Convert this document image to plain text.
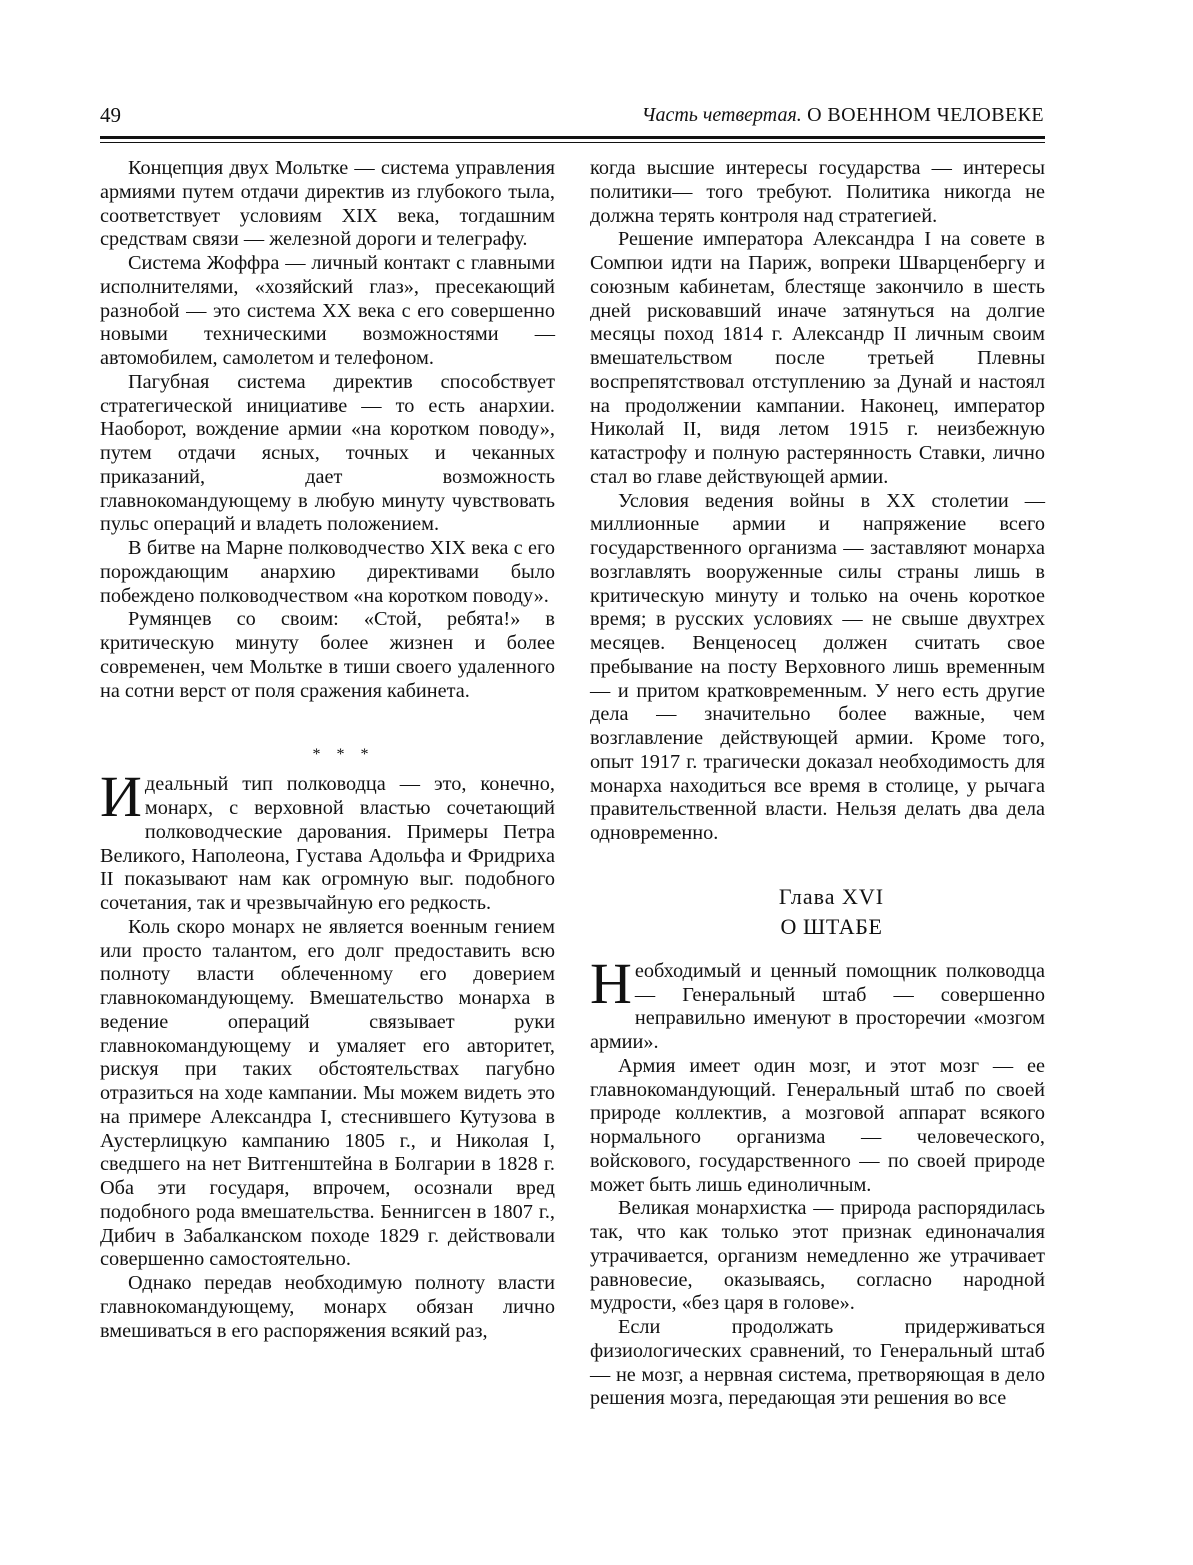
49	Часть четвертая. О ВОЕННОМ ЧЕЛОВЕКЕ

Концепция двух Мольтке — система управления армиями путем отдачи директив из глубокого тыла, соответствует условиям XIX века, тогдашним средствам связи — железной дороги и телеграфу.

Система Жоффра — личный контакт с главными исполнителями, «хозяйский глаз», пресекающий разнобой — это система XX века с его совершенно новыми техническими возможностями — автомобилем, самолетом и телефоном.

Пагубная система директив способствует стратегической инициативе — то есть анархии. Наоборот, вождение армии «на коротком поводу», путем отдачи ясных, точных и чеканных приказаний, дает возможность главнокомандующему в любую минуту чувствовать пульс операций и владеть положением.

В битве на Марне полководчество XIX века с его порождающим анархию директивами было побеждено полководчеством «на коротком поводу».

Румянцев со своим: «Стой, ребята!» в критическую минуту более жизнен и более современен, чем Мольтке в тиши своего удаленного на сотни верст от поля сражения кабинета.

* * *

Идеальный тип полководца — это, конечно, монарх, с верховной властью сочетающий полководческие дарования. Примеры Петра Великого, Наполеона, Густава Адольфа и Фридриха II показывают нам как огромную выг. подобного сочетания, так и чрезвычайную его редкость.

Коль скоро монарх не является военным гением или просто талантом, его долг предоставить всю полноту власти облеченному его доверием главнокомандующему. Вмешательство монарха в ведение операций связывает руки главнокомандующему и умаляет его авторитет, рискуя при таких обстоятельствах пагубно отразиться на ходе кампании. Мы можем видеть это на примере Александра I, стеснившего Кутузова в Аустерлицкую кампанию 1805 г., и Николая I, сведшего на нет Витгенштейна в Болгарии в 1828 г. Оба эти государя, впрочем, осознали вред подобного рода вмешательства. Беннигсен в 1807 г., Дибич в Забалканском походе 1829 г. действовали совершенно самостоятельно.

Однако передав необходимую полноту власти главнокомандующему, монарх обязан лично вмешиваться в его распоряжения всякий раз,

когда высшие интересы государства — интересы политики— того требуют. Политика никогда не должна терять контроля над стратегией.

Решение императора Александра I на совете в Сомпюи идти на Париж, вопреки Шварценбергу и союзным кабинетам, блестяще закончило в шесть дней рисковавший иначе затянуться на долгие месяцы поход 1814 г. Александр II личным своим вмешательством после третьей Плевны воспрепятствовал отступлению за Дунай и настоял на продолжении кампании. Наконец, император Николай II, видя летом 1915 г. неизбежную катастрофу и полную растерянность Ставки, лично стал во главе действующей армии.

Условия ведения войны в XX столетии — миллионные армии и напряжение всего государственного организма — заставляют монарха возглавлять вооруженные силы страны лишь в критическую минуту и только на очень короткое время; в русских условиях — не свыше двухтрех месяцев. Венценосец должен считать свое пребывание на посту Верховного лишь временным — и притом кратковременным. У него есть другие дела — значительно более важные, чем возглавление действующей армии. Кроме того, опыт 1917 г. трагически доказал необходимость для монарха находиться все время в столице, у рычага правительственной власти. Нельзя делать два дела одновременно.

Глава XVI

О ШТАБЕ

Необходимый и ценный помощник полководца — Генеральный штаб — совершенно неправильно именуют в просторечии «мозгом армии».

Армия имеет один мозг, и этот мозг — ее главнокомандующий. Генеральный штаб по своей природе коллектив, а мозговой аппарат всякого нормального организма — человеческого, войскового, государственного — по своей природе может быть лишь единоличным.

Великая монархистка — природа распорядилась так, что как только этот признак единоначалия утрачивается, организм немедленно же утрачивает равновесие, оказываясь, согласно народной мудрости, «без царя в голове».

Если продолжать придерживаться физиологических сравнений, то Генеральный штаб — не мозг, а нервная система, претворяющая в дело решения мозга, передающая эти решения во все
